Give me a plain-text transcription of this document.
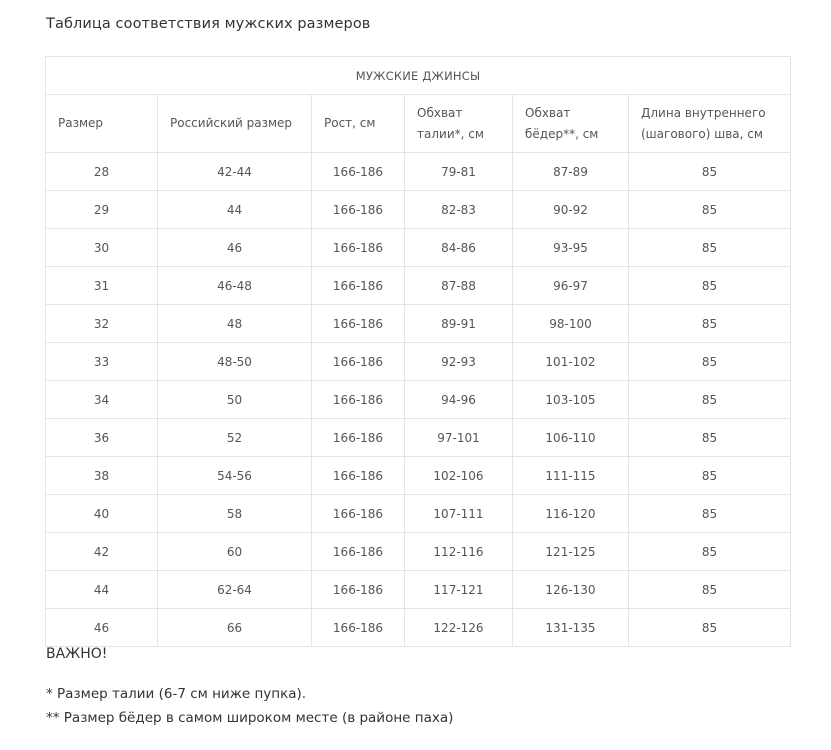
Таблица соответствия мужских размеров
МУЖСКИЕ ДЖИНСЫ					
Размер	Российский размер	Рост, см	Обхват талии*, см	Обхват бёдер**, см	Длина внутреннего (шагового) шва, см
28	42-44	166-186	79-81	87-89	85
29	44	166-186	82-83	90-92	85
30	46	166-186	84-86	93-95	85
31	46-48	166-186	87-88	96-97	85
32	48	166-186	89-91	98-100	85
33	48-50	166-186	92-93	101-102	85
34	50	166-186	94-96	103-105	85
36	52	166-186	97-101	106-110	85
38	54-56	166-186	102-106	111-115	85
40	58	166-186	107-111	116-120	85
42	60	166-186	112-116	121-125	85
44	62-64	166-186	117-121	126-130	85
46	66	166-186	122-126	131-135	85
ВАЖНО!
* Размер талии (6-7 см ниже пупка).
** Размер бёдер в самом широком месте (в районе паха)
